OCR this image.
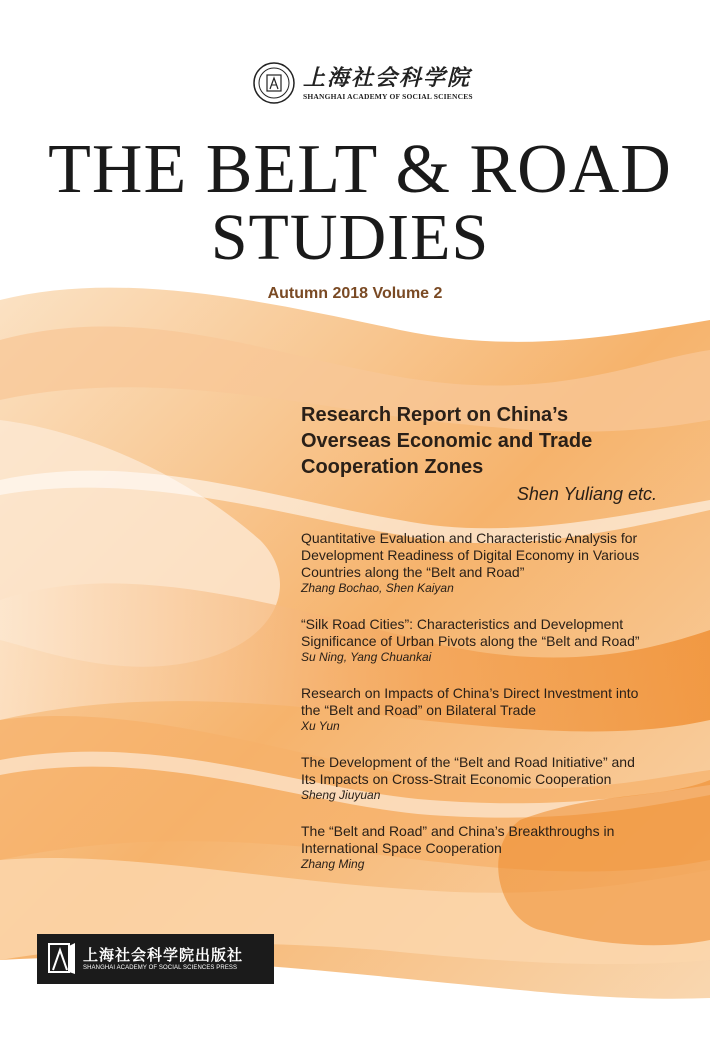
上海社会科学院
SHANGHAI ACADEMY OF SOCIAL SCIENCES
THE BELT & ROAD
STUDIES
Autumn 2018 Volume 2

Research Report on China’s
Overseas Economic and Trade
Cooperation Zones

Shen Yuliang etc.

Quantitative Evaluation and Characteristic Analysis for
Development Readiness of Digital Economy in Various
Countries along the “Belt and Road”

Zhang Bochao, Shen Kaiyan

“Silk Road Cities”: Characteristics and Development
Significance of Urban Pivots along the “Belt and Road”

Su Ning, Yang Chuankai

Research on Impacts of China’s Direct Investment into
the “Belt and Road” on Bilateral Trade

Xu Yun

The Development of the “Belt and Road Initiative” and
Its Impacts on Cross-Strait Economic Cooperation

Sheng Jiuyuan

The “Belt and Road” and China’s Breakthroughs in
International Space Cooperation

Zhang Ming

上海社会科学院出版社
SHANGHAI ACADEMY OF SOCIAL SCIENCES PRESS
